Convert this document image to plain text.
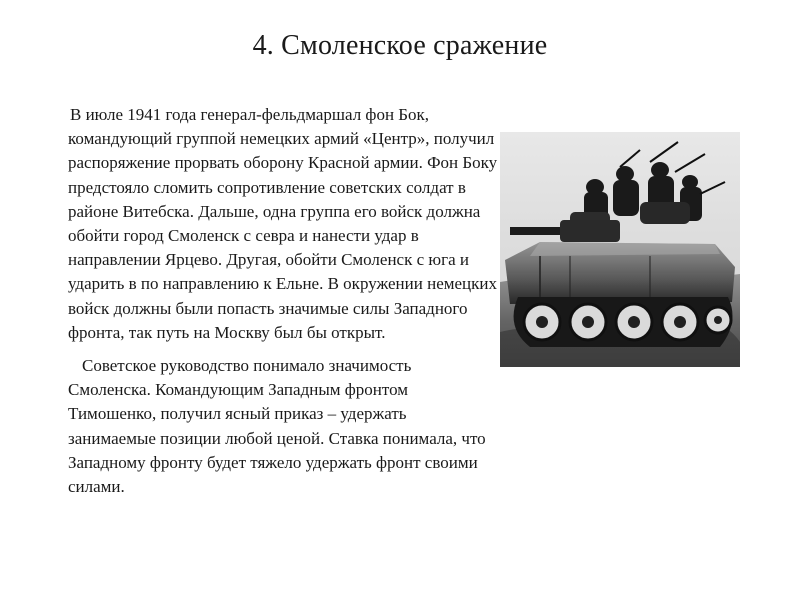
4. Смоленское сражение

В июле 1941 года генерал-фельдмаршал фон Бок, командующий группой немецких армий «Центр», получил распоряжение прорвать оборону Красной армии. Фон Боку предстояло сломить сопротивление советских солдат в районе Витебска. Дальше, одна группа его войск должна обойти город Смоленск с севра и нанести удар в направлении Ярцево. Другая, обойти Смоленск с юга и ударить в по направлению к Ельне. В окружении немецких войск должны были попасть значимые силы Западного фронта, так путь на Москву был бы открыт.

Советское руководство понимало значимость Смоленска. Командующим Западным фронтом Тимошенко, получил ясный приказ – удержать занимаемые позиции любой ценой. Ставка понимала, что Западному фронту будет тяжело удержать фронт своими силами.
